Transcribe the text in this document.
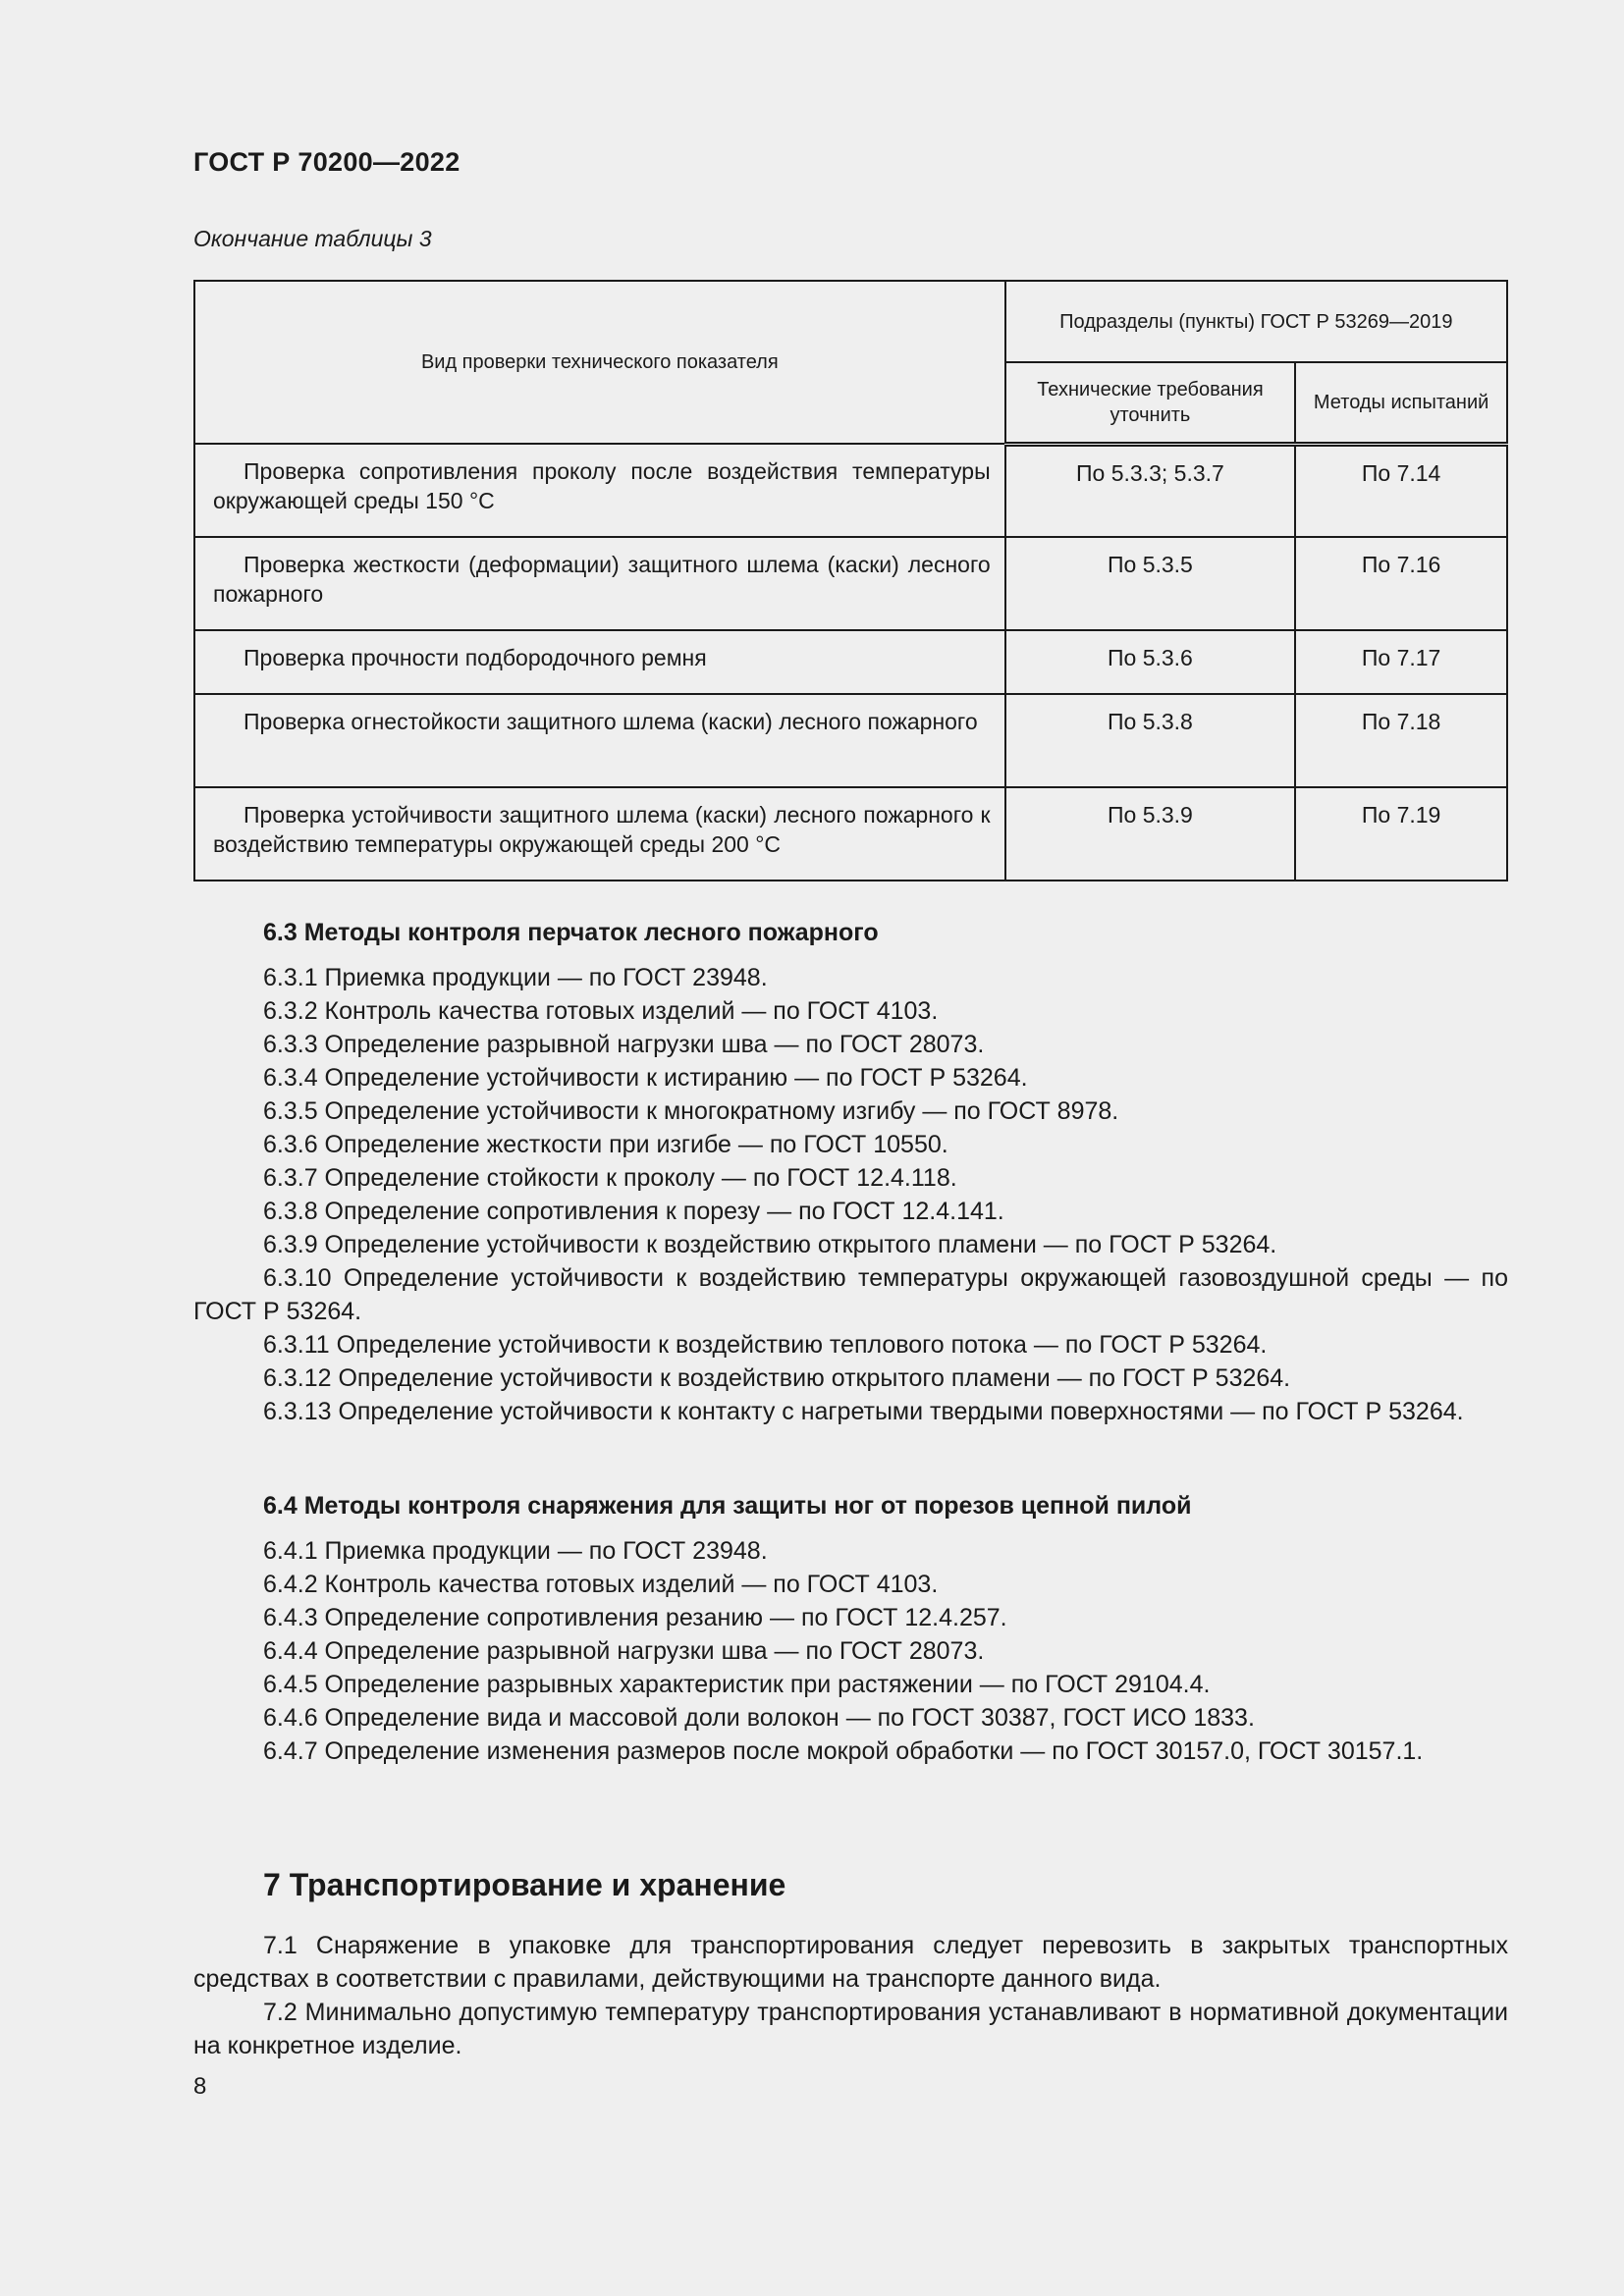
ГОСТ Р 70200—2022
Окончание таблицы 3
Вид проверки технического показателя	Подразделы (пункты) ГОСТ Р 53269—2019	
	Технические требования уточнить	Методы испытаний
Проверка сопротивления проколу после воздействия температуры окружающей среды 150 °С	По 5.3.3; 5.3.7	По 7.14
Проверка жесткости (деформации) защитного шлема (каски) лесного пожарного	По 5.3.5	По 7.16
Проверка прочности подбородочного ремня	По 5.3.6	По 7.17
Проверка огнестойкости защитного шлема (каски) лесного пожарного	По 5.3.8	По 7.18
Проверка устойчивости защитного шлема (каски) лесного пожарного к воздействию температуры окружающей среды 200 °С	По 5.3.9	По 7.19
6.3 Методы контроля перчаток лесного пожарного
6.3.1 Приемка продукции — по ГОСТ 23948.
6.3.2 Контроль качества готовых изделий — по ГОСТ 4103.
6.3.3 Определение разрывной нагрузки шва — по ГОСТ 28073.
6.3.4 Определение устойчивости к истиранию — по ГОСТ Р 53264.
6.3.5 Определение устойчивости к многократному изгибу — по ГОСТ 8978.
6.3.6 Определение жесткости при изгибе — по ГОСТ 10550.
6.3.7 Определение стойкости к проколу — по ГОСТ 12.4.118.
6.3.8 Определение сопротивления к порезу — по ГОСТ 12.4.141.
6.3.9 Определение устойчивости к воздействию открытого пламени — по ГОСТ Р 53264.
6.3.10 Определение устойчивости к воздействию температуры окружающей газовоздушной среды — по ГОСТ Р 53264.
6.3.11 Определение устойчивости к воздействию теплового потока — по ГОСТ Р 53264.
6.3.12 Определение устойчивости к воздействию открытого пламени — по ГОСТ Р 53264.
6.3.13 Определение устойчивости к контакту с нагретыми твердыми поверхностями — по ГОСТ Р 53264.
6.4 Методы контроля снаряжения для защиты ног от порезов цепной пилой
6.4.1 Приемка продукции — по ГОСТ 23948.
6.4.2 Контроль качества готовых изделий — по ГОСТ 4103.
6.4.3 Определение сопротивления резанию — по ГОСТ 12.4.257.
6.4.4 Определение разрывной нагрузки шва — по ГОСТ 28073.
6.4.5 Определение разрывных характеристик при растяжении — по ГОСТ 29104.4.
6.4.6 Определение вида и массовой доли волокон — по ГОСТ 30387, ГОСТ ИСО 1833.
6.4.7 Определение изменения размеров после мокрой обработки — по ГОСТ 30157.0, ГОСТ 30157.1.
7 Транспортирование и хранение
7.1 Снаряжение в упаковке для транспортирования следует перевозить в закрытых транспортных средствах в соответствии с правилами, действующими на транспорте данного вида.
7.2 Минимально допустимую температуру транспортирования устанавливают в нормативной документации на конкретное изделие.
8
